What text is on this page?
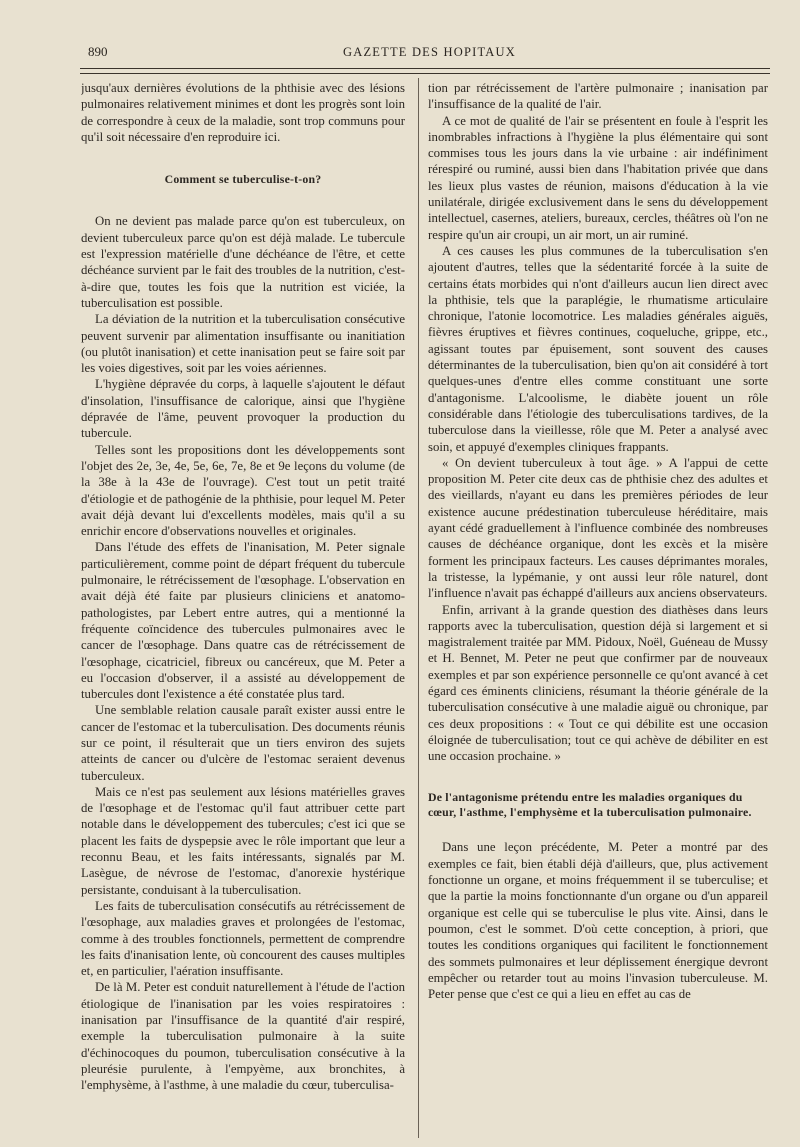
890	GAZETTE DES HOPITAUX

jusqu'aux dernières évolutions de la phthisie avec des lésions pulmonaires relativement minimes et dont les progrès sont loin de correspondre à ceux de la maladie, sont trop communs pour qu'il soit nécessaire d'en reproduire ici.

Comment se tuberculise-t-on?

On ne devient pas malade parce qu'on est tuberculeux, on devient tuberculeux parce qu'on est déjà malade. Le tubercule est l'expression matérielle d'une déchéance de l'être, et cette déchéance survient par le fait des troubles de la nutrition, c'est-à-dire que, toutes les fois que la nutrition est viciée, la tuberculisation est possible.

La déviation de la nutrition et la tuberculisation consécutive peuvent survenir par alimentation insuffisante ou inanitiation (ou plutôt inanisation) et cette inanisation peut se faire soit par les voies digestives, soit par les voies aériennes.

L'hygiène dépravée du corps, à laquelle s'ajoutent le défaut d'insolation, l'insuffisance de calorique, ainsi que l'hygiène dépravée de l'âme, peuvent provoquer la production du tubercule.

Telles sont les propositions dont les développements sont l'objet des 2e, 3e, 4e, 5e, 6e, 7e, 8e et 9e leçons du volume (de la 38e à la 43e de l'ouvrage). C'est tout un petit traité d'étiologie et de pathogénie de la phthisie, pour lequel M. Peter avait déjà devant lui d'excellents modèles, mais qu'il a su enrichir encore d'observations nouvelles et originales.

Dans l'étude des effets de l'inanisation, M. Peter signale particulièrement, comme point de départ fréquent du tubercule pulmonaire, le rétrécissement de l'œsophage. L'observation en avait déjà été faite par plusieurs cliniciens et anatomo-pathologistes, par Lebert entre autres, qui a mentionné la fréquente coïncidence des tubercules pulmonaires avec le cancer de l'œsophage. Dans quatre cas de rétrécissement de l'œsophage, cicatriciel, fibreux ou cancéreux, que M. Peter a eu l'occasion d'observer, il a assisté au développement de tubercules dont l'existence a été constatée plus tard.

Une semblable relation causale paraît exister aussi entre le cancer de l'estomac et la tuberculisation. Des documents réunis sur ce point, il résulterait que un tiers environ des sujets atteints de cancer ou d'ulcère de l'estomac seraient devenus tuberculeux.

Mais ce n'est pas seulement aux lésions matérielles graves de l'œsophage et de l'estomac qu'il faut attribuer cette part notable dans le développement des tubercules; c'est ici que se placent les faits de dyspepsie avec le rôle important que leur a reconnu Beau, et les faits intéressants, signalés par M. Lasègue, de névrose de l'estomac, d'anorexie hystérique persistante, conduisant à la tuberculisation.

Les faits de tuberculisation consécutifs au rétrécissement de l'œsophage, aux maladies graves et prolongées de l'estomac, comme à des troubles fonctionnels, permettent de comprendre les faits d'inanisation lente, où concourent des causes multiples et, en particulier, l'aération insuffisante.

De là M. Peter est conduit naturellement à l'étude de l'action étiologique de l'inanisation par les voies respiratoires : inanisation par l'insuffisance de la quantité d'air respiré, exemple la tuberculisation pulmonaire à la suite d'échinocoques du poumon, tuberculisation consécutive à la pleurésie purulente, à l'empyème, aux bronchites, à l'emphysème, à l'asthme, à une maladie du cœur, tuberculisa-

tion par rétrécissement de l'artère pulmonaire ; inanisation par l'insuffisance de la qualité de l'air.

A ce mot de qualité de l'air se présentent en foule à l'esprit les inombrables infractions à l'hygiène la plus élémentaire qui sont commises tous les jours dans la vie urbaine : air indéfiniment rérespiré ou ruminé, aussi bien dans l'habitation privée que dans les lieux plus vastes de réunion, maisons d'éducation à la vie unilatérale, dirigée exclusivement dans le sens du développement intellectuel, casernes, ateliers, bureaux, cercles, théâtres où l'on ne respire qu'un air croupi, un air mort, un air ruminé.

A ces causes les plus communes de la tuberculisation s'en ajoutent d'autres, telles que la sédentarité forcée à la suite de certains états morbides qui n'ont d'ailleurs aucun lien direct avec la phthisie, tels que la paraplégie, le rhumatisme articulaire chronique, l'atonie locomotrice. Les maladies générales aiguës, fièvres éruptives et fièvres continues, coqueluche, grippe, etc., agissant toutes par épuisement, sont souvent des causes déterminantes de la tuberculisation, bien qu'on ait considéré à tort quelques-unes d'entre elles comme constituant une sorte d'antagonisme. L'alcoolisme, le diabète jouent un rôle considérable dans l'étiologie des tuberculisations tardives, de la tuberculose dans la vieillesse, rôle que M. Peter a analysé avec soin, et appuyé d'exemples cliniques frappants.

« On devient tuberculeux à tout âge. » A l'appui de cette proposition M. Peter cite deux cas de phthisie chez des adultes et des vieillards, n'ayant eu dans les premières périodes de leur existence aucune prédestination tuberculeuse héréditaire, mais ayant cédé graduellement à l'influence combinée des nombreuses causes de déchéance organique, dont les excès et la misère forment les principaux facteurs. Les causes déprimantes morales, la tristesse, la lypémanie, y ont aussi leur rôle naturel, dont l'influence n'avait pas échappé d'ailleurs aux anciens observateurs.

Enfin, arrivant à la grande question des diathèses dans leurs rapports avec la tuberculisation, question déjà si largement et si magistralement traitée par MM. Pidoux, Noël, Guéneau de Mussy et H. Bennet, M. Peter ne peut que confirmer par de nouveaux exemples et par son expérience personnelle ce qu'ont avancé à cet égard ces éminents cliniciens, résumant la théorie générale de la tuberculisation consécutive à une maladie aiguë ou chronique, par ces deux propositions : « Tout ce qui débilite est une occasion éloignée de tuberculisation; tout ce qui achève de débiliter en est une occasion prochaine. »

De l'antagonisme prétendu entre les maladies organiques du cœur, l'asthme, l'emphysème et la tuberculisation pulmonaire.

Dans une leçon précédente, M. Peter a montré par des exemples ce fait, bien établi déjà d'ailleurs, que, plus activement fonctionne un organe, et moins fréquemment il se tuberculise; et que la partie la moins fonctionnante d'un organe ou d'un appareil organique est celle qui se tuberculise le plus vite. Ainsi, dans le poumon, c'est le sommet. D'où cette conception, à priori, que toutes les conditions organiques qui facilitent le fonctionnement des sommets pulmonaires et leur déplissement énergique devront empêcher ou retarder tout au moins l'invasion tuberculeuse. M. Peter pense que c'est ce qui a lieu en effet au cas de
